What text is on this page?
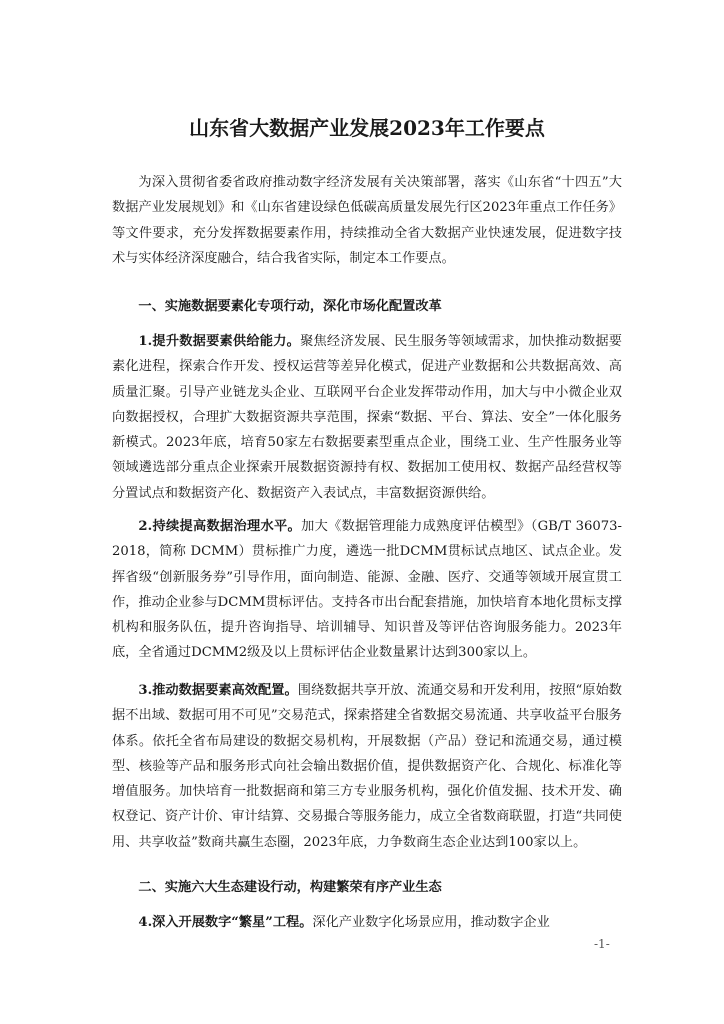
山东省大数据产业发展2023年工作要点
为深入贯彻省委省政府推动数字经济发展有关决策部署，落实《山东省“十四五”大数据产业发展规划》和《山东省建设绿色低碳高质量发展先行区2023年重点工作任务》等文件要求，充分发挥数据要素作用，持续推动全省大数据产业快速发展，促进数字技术与实体经济深度融合，结合我省实际，制定本工作要点。
一、实施数据要素化专项行动，深化市场化配置改革
1.提升数据要素供给能力。聚焦经济发展、民生服务等领域需求，加快推动数据要素化进程，探索合作开发、授权运营等差异化模式，促进产业数据和公共数据高效、高质量汇聚。引导产业链龙头企业、互联网平台企业发挥带动作用，加大与中小微企业双向数据授权，合理扩大数据资源共享范围，探索“数据、平台、算法、安全”一体化服务新模式。2023年底，培育50家左右数据要素型重点企业，围绕工业、生产性服务业等领域遴选部分重点企业探索开展数据资源持有权、数据加工使用权、数据产品经营权等分置试点和数据资产化、数据资产入表试点，丰富数据资源供给。
2.持续提高数据治理水平。加大《数据管理能力成熟度评估模型》（GB/T 36073-2018，简称 DCMM）贯标推广力度，遴选一批DCMM贯标试点地区、试点企业。发挥省级“创新服务券”引导作用，面向制造、能源、金融、医疗、交通等领域开展宣贯工作，推动企业参与DCMM贯标评估。支持各市出台配套措施，加快培育本地化贯标支撑机构和服务队伍，提升咨询指导、培训辅导、知识普及等评估咨询服务能力。2023年底，全省通过DCMM2级及以上贯标评估企业数量累计达到300家以上。
3.推动数据要素高效配置。围绕数据共享开放、流通交易和开发利用，按照“原始数据不出域、数据可用不可见”交易范式，探索搭建全省数据交易流通、共享收益平台服务体系。依托全省布局建设的数据交易机构，开展数据（产品）登记和流通交易，通过模型、核验等产品和服务形式向社会输出数据价值，提供数据资产化、合规化、标准化等增值服务。加快培育一批数据商和第三方专业服务机构，强化价值发掘、技术开发、确权登记、资产计价、审计结算、交易撮合等服务能力，成立全省数商联盟，打造“共同使用、共享收益”数商共赢生态圈，2023年底，力争数商生态企业达到100家以上。
二、实施六大生态建设行动，构建繁荣有序产业生态
4.深入开展数字“繁星”工程。深化产业数字化场景应用，推动数字企业
-1-
